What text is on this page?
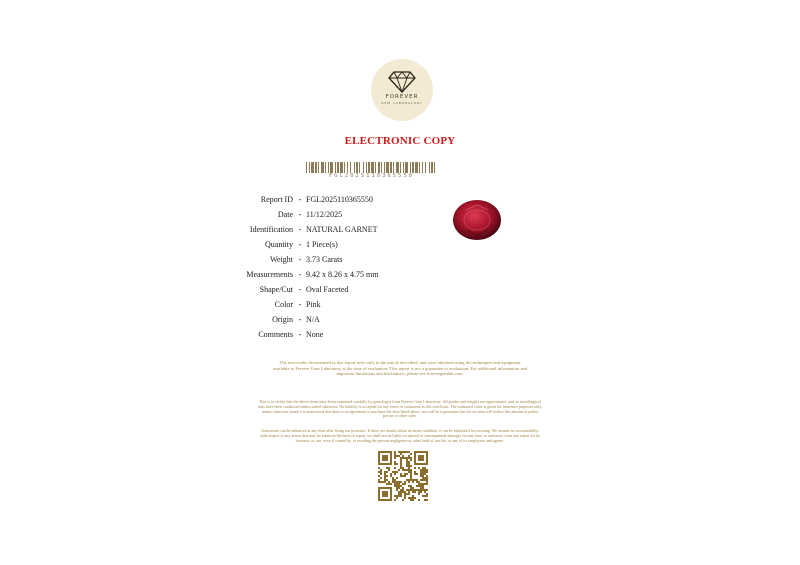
FOREVER
GEM LABORATORY
ELECTRONIC COPY
FGL2025110365550
Report ID - FGL2025110365550
Date - 11/12/2025
Identification - NATURAL GARNET
Quantity - 1 Piece(s)
Weight - 3.73 Carats
Measurements - 9.42 x 8.26 x 4.75 mm
Shape/Cut - Oval Faceted
Color - Pink
Origin - N/A
Comments - None
The test results documented in this report refer only to the article described, and were obtained using the techniques and equipment
available to Forever Gem Laboratory at the time of evaluation. This report is not a guarantee or evaluation. For additional information and
important limitations and disclaimers, please see forevergemlab.com.
This is to certify that the above items have been examined carefully by gemologist from Forever Gem Laboratory. All grades and weights are approximate, and no metallurgical
tests have been conducted unless stated otherwise. No liability is accepted for any errors or omissions in this certificate. The estimated value is given for insurance purposes only,
unless otherwise stated it is understood that there is an agreement to purchase the item listed above, nor will be a guarantee that the set item will realize this amount at public
private or other sales.
Gemstones can be enhanced at any time after living our premises. If there are doubts about an items condition, it can be submitted for retesting. We assume no accountability
with respect to any action that may be taken on the basis of report, we shall not be liable for special or consequential damages for any error or omission, from any report for its
issuance, or use, even if caused by, or resulting the proven negligence or other fault of our lab, or any of its employees and agents.
